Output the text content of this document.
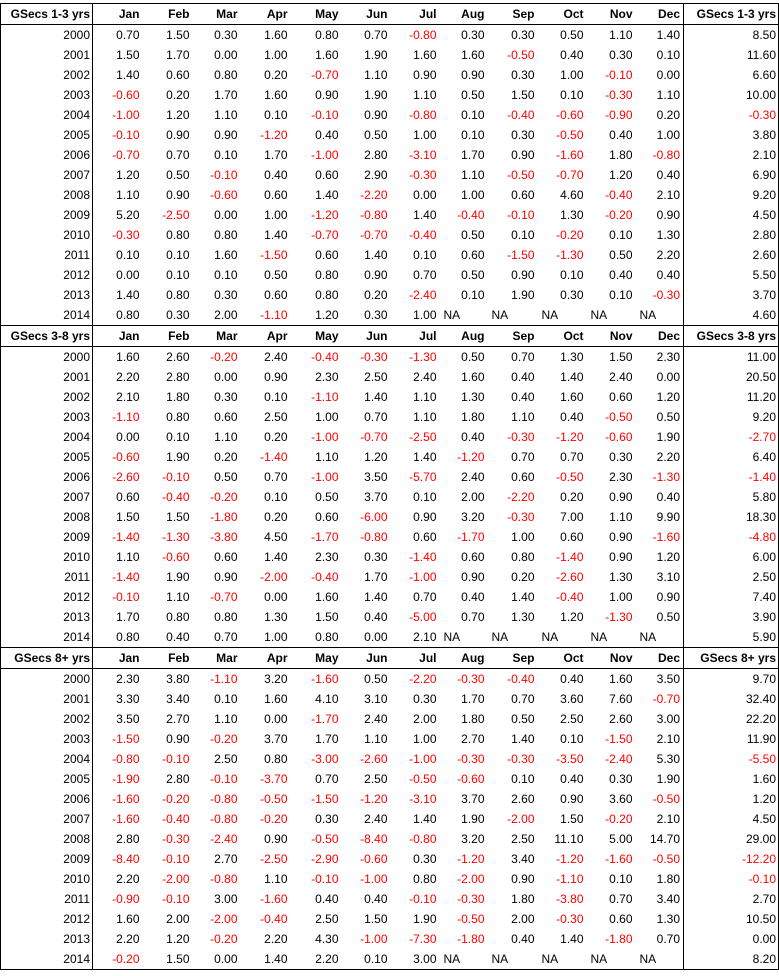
GSecs 1-3 yrs	Jan	Feb	Mar	Apr	May	Jun	Jul	Aug	Sep	Oct	Nov	Dec	GSecs 1-3 yrs
2000	0.70	1.50	0.30	1.60	0.80	0.70	-0.80	0.30	0.30	0.50	1.10	1.40	8.50
2001	1.50	1.70	0.00	1.00	1.60	1.90	1.60	1.60	-0.50	0.40	0.30	0.10	11.60
2002	1.40	0.60	0.80	0.20	-0.70	1.10	0.90	0.90	0.30	1.00	-0.10	0.00	6.60
2003	-0.60	0.20	1.70	1.60	0.90	1.90	1.10	0.50	1.50	0.10	-0.30	1.10	10.00
2004	-1.00	1.20	1.10	0.10	-0.10	0.90	-0.80	0.10	-0.40	-0.60	-0.90	0.20	-0.30
2005	-0.10	0.90	0.90	-1.20	0.40	0.50	1.00	0.10	0.30	-0.50	0.40	1.00	3.80
2006	-0.70	0.70	0.10	1.70	-1.00	2.80	-3.10	1.70	0.90	-1.60	1.80	-0.80	2.10
2007	1.20	0.50	-0.10	0.40	0.60	2.90	-0.30	1.10	-0.50	-0.70	1.20	0.40	6.90
2008	1.10	0.90	-0.60	0.60	1.40	-2.20	0.00	1.00	0.60	4.60	-0.40	2.10	9.20
2009	5.20	-2.50	0.00	1.00	-1.20	-0.80	1.40	-0.40	-0.10	1.30	-0.20	0.90	4.50
2010	-0.30	0.80	0.80	1.40	-0.70	-0.70	-0.40	0.50	0.10	-0.20	0.10	1.30	2.80
2011	0.10	0.10	1.60	-1.50	0.60	1.40	0.10	0.60	-1.50	-1.30	0.50	2.20	2.60
2012	0.00	0.10	0.10	0.50	0.80	0.90	0.70	0.50	0.90	0.10	0.40	0.40	5.50
2013	1.40	0.80	0.30	0.60	0.80	0.20	-2.40	0.10	1.90	0.30	0.10	-0.30	3.70
2014	0.80	0.30	2.00	-1.10	1.20	0.30	1.00	NA	NA	NA	NA	NA	4.60
GSecs 3-8 yrs	Jan	Feb	Mar	Apr	May	Jun	Jul	Aug	Sep	Oct	Nov	Dec	GSecs 3-8 yrs
2000	1.60	2.60	-0.20	2.40	-0.40	-0.30	-1.30	0.50	0.70	1.30	1.50	2.30	11.00
2001	2.20	2.80	0.00	0.90	2.30	2.50	2.40	1.60	0.40	1.40	2.40	0.00	20.50
2002	2.10	1.80	0.30	0.10	-1.10	1.40	1.10	1.30	0.40	1.60	0.60	1.20	11.20
2003	-1.10	0.80	0.60	2.50	1.00	0.70	1.10	1.80	1.10	0.40	-0.50	0.50	9.20
2004	0.00	0.10	1.10	0.20	-1.00	-0.70	-2.50	0.40	-0.30	-1.20	-0.60	1.90	-2.70
2005	-0.60	1.90	0.20	-1.40	1.10	1.20	1.40	-1.20	0.70	0.70	0.30	2.20	6.40
2006	-2.60	-0.10	0.50	0.70	-1.00	3.50	-5.70	2.40	0.60	-0.50	2.30	-1.30	-1.40
2007	0.60	-0.40	-0.20	0.10	0.50	3.70	0.10	2.00	-2.20	0.20	0.90	0.40	5.80
2008	1.50	1.50	-1.80	0.20	0.60	-6.00	0.90	3.20	-0.30	7.00	1.10	9.90	18.30
2009	-1.40	-1.30	-3.80	4.50	-1.70	-0.80	0.60	-1.70	1.00	0.60	0.90	-1.60	-4.80
2010	1.10	-0.60	0.60	1.40	2.30	0.30	-1.40	0.60	0.80	-1.40	0.90	1.20	6.00
2011	-1.40	1.90	0.90	-2.00	-0.40	1.70	-1.00	0.90	0.20	-2.60	1.30	3.10	2.50
2012	-0.10	1.10	-0.70	0.00	1.60	1.40	0.70	0.40	1.40	-0.40	1.00	0.90	7.40
2013	1.70	0.80	0.80	1.30	1.50	0.40	-5.00	0.70	1.30	1.20	-1.30	0.50	3.90
2014	0.80	0.40	0.70	1.00	0.80	0.00	2.10	NA	NA	NA	NA	NA	5.90
GSecs 8+ yrs	Jan	Feb	Mar	Apr	May	Jun	Jul	Aug	Sep	Oct	Nov	Dec	GSecs 8+ yrs
2000	2.30	3.80	-1.10	3.20	-1.60	0.50	-2.20	-0.30	-0.40	0.40	1.60	3.50	9.70
2001	3.30	3.40	0.10	1.60	4.10	3.10	0.30	1.70	0.70	3.60	7.60	-0.70	32.40
2002	3.50	2.70	1.10	0.00	-1.70	2.40	2.00	1.80	0.50	2.50	2.60	3.00	22.20
2003	-1.50	0.90	-0.20	3.70	1.70	1.10	1.00	2.70	1.40	0.10	-1.50	2.10	11.90
2004	-0.80	-0.10	2.50	0.80	-3.00	-2.60	-1.00	-0.30	-0.30	-3.50	-2.40	5.30	-5.50
2005	-1.90	2.80	-0.10	-3.70	0.70	2.50	-0.50	-0.60	0.10	0.40	0.30	1.90	1.60
2006	-1.60	-0.20	-0.80	-0.50	-1.50	-1.20	-3.10	3.70	2.60	0.90	3.60	-0.50	1.20
2007	-1.60	-0.40	-0.80	-0.20	0.30	2.40	1.40	1.90	-2.00	1.50	-0.20	2.10	4.50
2008	2.80	-0.30	-2.40	0.90	-0.50	-8.40	-0.80	3.20	2.50	11.10	5.00	14.70	29.00
2009	-8.40	-0.10	2.70	-2.50	-2.90	-0.60	0.30	-1.20	3.40	-1.20	-1.60	-0.50	-12.20
2010	2.20	-2.00	-0.80	1.10	-0.10	-1.00	0.80	-2.00	0.90	-1.10	0.10	1.80	-0.10
2011	-0.90	-0.10	3.00	-1.60	0.40	0.40	-0.10	-0.30	1.80	-3.80	0.70	3.40	2.70
2012	1.60	2.00	-2.00	-0.40	2.50	1.50	1.90	-0.50	2.00	-0.30	0.60	1.30	10.50
2013	2.20	1.20	-0.20	2.20	4.30	-1.00	-7.30	-1.80	0.40	1.40	-1.80	0.70	0.00
2014	-0.20	1.50	0.00	1.40	2.20	0.10	3.00	NA	NA	NA	NA	NA	8.20
